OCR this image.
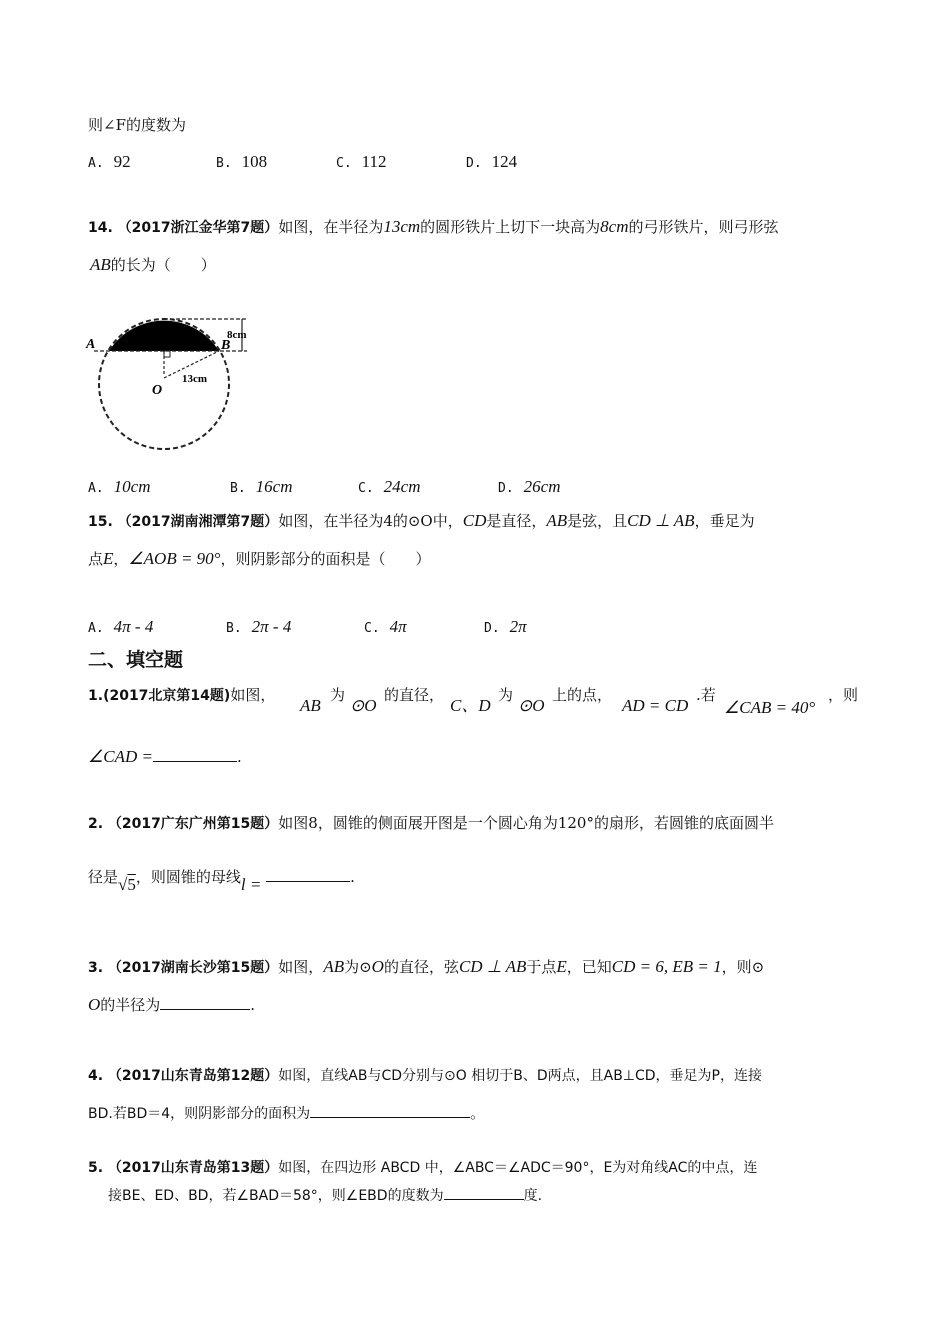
则∠F的度数为
A. 92	B. 108	C. 112	D. 124
14. （2017浙江金华第7题）如图，在半径为13cm的圆形铁片上切下一块高为8cm的弓形铁片，则弓形弦
AB的长为（　　）
A	B
O
8cm
13cm
A. 10cm	B. 16cm	C. 24cm	D. 26cm
15. （2017湖南湘潭第7题）如图，在半径为4的⊙O中，CD是直径，AB是弦，且CD ⊥ AB，垂足为
点E，∠AOB = 90°，则阴影部分的面积是（　　）
A. 4π - 4	B. 2π - 4	C. 4π	D. 2π
二、填空题
1.(2017北京第14题)如图，
AB
为
⊙O
的直径，
C、D
为
⊙O
上的点，
AD = CD
.若
∠CAB = 40°
，则
∠CAD =	.
2. （2017广东广州第15题）如图8，圆锥的侧面展开图是一个圆心角为120°的扇形，若圆锥的底面圆半
径是√5，则圆锥的母线l =	.
3. （2017湖南长沙第15题）如图，AB为⊙O的直径，弦CD ⊥ AB于点E，已知CD = 6, EB = 1，则⊙
O的半径为	.
4. （2017山东青岛第12题）如图，直线AB与CD分别与⊙O 相切于B、D两点，且AB⊥CD，垂足为P，连接
BD.若BD＝4，则阴影部分的面积为	。
5. （2017山东青岛第13题）如图，在四边形 ABCD 中，∠ABC＝∠ADC＝90°，E为对角线AC的中点，连
接BE、ED、BD，若∠BAD＝58°，则∠EBD的度数为	度.
